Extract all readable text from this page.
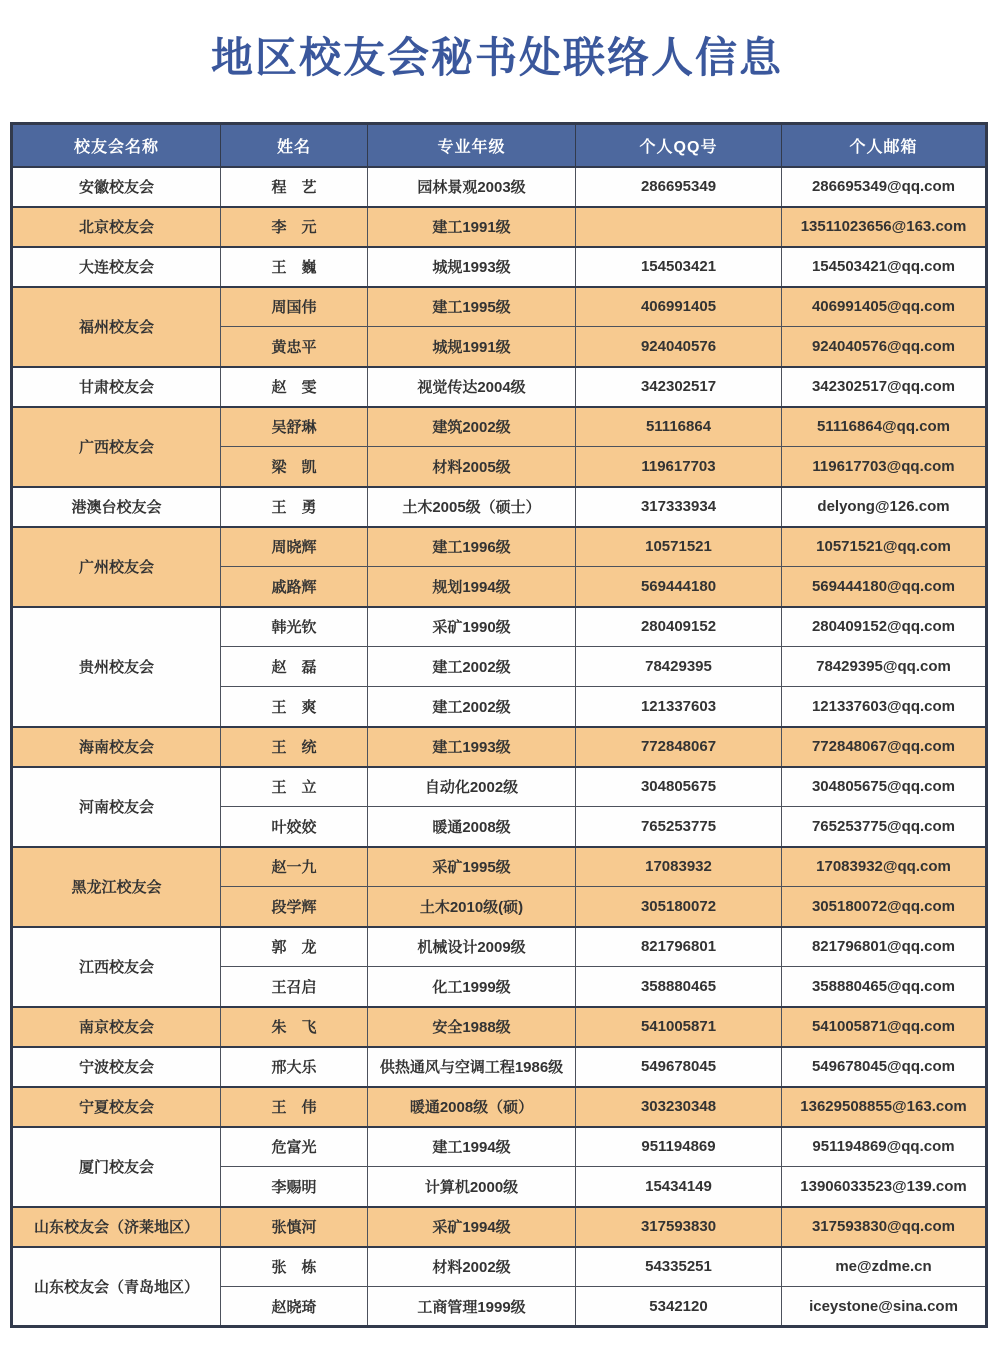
地区校友会秘书处联络人信息
校友会名称	姓名	专业年级	个人QQ号	个人邮箱
安徽校友会	程　艺	园林景观2003级	286695349	286695349@qq.com
北京校友会	李　元	建工1991级		13511023656@163.com
大连校友会	王　巍	城规1993级	154503421	154503421@qq.com
福州校友会	周国伟	建工1995级	406991405	406991405@qq.com
	黄忠平	城规1991级	924040576	924040576@qq.com
甘肃校友会	赵　雯	视觉传达2004级	342302517	342302517@qq.com
广西校友会	吴舒琳	建筑2002级	51116864	51116864@qq.com
	梁　凯	材料2005级	119617703	119617703@qq.com
港澳台校友会	王　勇	土木2005级（硕士）	317333934	delyong@126.com
广州校友会	周晓辉	建工1996级	10571521	10571521@qq.com
	戚路辉	规划1994级	569444180	569444180@qq.com
贵州校友会	韩光钦	采矿1990级	280409152	280409152@qq.com
	赵　磊	建工2002级	78429395	78429395@qq.com
	王　爽	建工2002级	121337603	121337603@qq.com
海南校友会	王　统	建工1993级	772848067	772848067@qq.com
河南校友会	王　立	自动化2002级	304805675	304805675@qq.com
	叶姣姣	暖通2008级	765253775	765253775@qq.com
黑龙江校友会	赵一九	采矿1995级	17083932	17083932@qq.com
	段学辉	土木2010级(硕)	305180072	305180072@qq.com
江西校友会	郭　龙	机械设计2009级	821796801	821796801@qq.com
	王召启	化工1999级	358880465	358880465@qq.com
南京校友会	朱　飞	安全1988级	541005871	541005871@qq.com
宁波校友会	邢大乐	供热通风与空调工程1986级	549678045	549678045@qq.com
宁夏校友会	王　伟	暖通2008级（硕）	303230348	13629508855@163.com
厦门校友会	危富光	建工1994级	951194869	951194869@qq.com
	李赐明	计算机2000级	15434149	13906033523@139.com
山东校友会（济莱地区）	张慎河	采矿1994级	317593830	317593830@qq.com
山东校友会（青岛地区）	张　栋	材料2002级	54335251	me@zdme.cn
	赵晓琦	工商管理1999级	5342120	iceystone@sina.com
